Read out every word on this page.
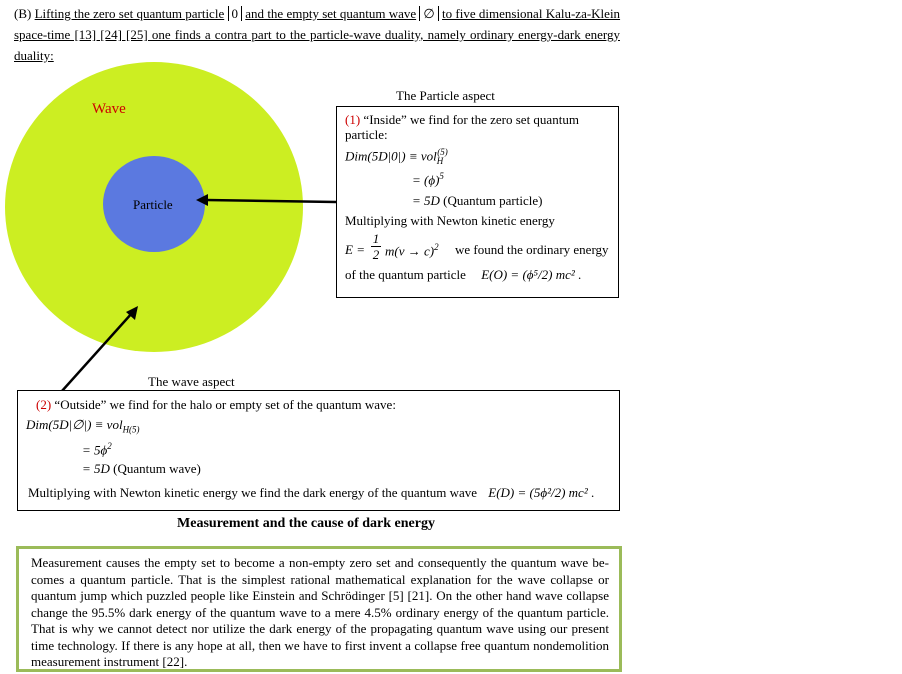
(B) Lifting the zero set quantum particle 0 and the empty set quantum wave ∅ to five dimensional Kalu-za-Klein space-time [13] [24] [25] one finds a contra part to the particle-wave duality, namely ordinary energy-dark energy duality:
Wave
Particle
The Particle aspect
(1) “Inside” we find for the zero set quantum
particle:
Dim(5D|0|) ≡ vol$_H^{(5)}$
= $(\phi)^5$
= 5D (Quantum particle)
Multiplying with Newton kinetic energy
E =
1
2 $m(v \to c)^2$ we found the ordinary energy
of the quantum particle E(O) = (ϕ⁵/2) mc² .
The wave aspect
(2) “Outside” we find for the halo or empty set of the quantum wave:
Dim(5D|∅|) ≡ vol$_{H(5)}$
= $5\phi^2$
= 5D (Quantum wave)
Multiplying with Newton kinetic energy we find the dark energy of the quantum wave E(D) = (5ϕ²/2) mc² .
Measurement and the cause of dark energy
Measurement causes the empty set to become a non-empty zero set and consequently the quantum wave be-comes a quantum particle. That is the simplest rational mathematical explanation for the wave collapse or quantum jump which puzzled people like Einstein and Schrödinger [5] [21]. On the other hand wave collapse change the 95.5% dark energy of the quantum wave to a mere 4.5% ordinary energy of the quantum particle. That is why we cannot detect nor utilize the dark energy of the propagating quantum wave using our present time technology. If there is any hope at all, then we have to first invent a collapse free quantum nondemolition measurement instrument [22].
